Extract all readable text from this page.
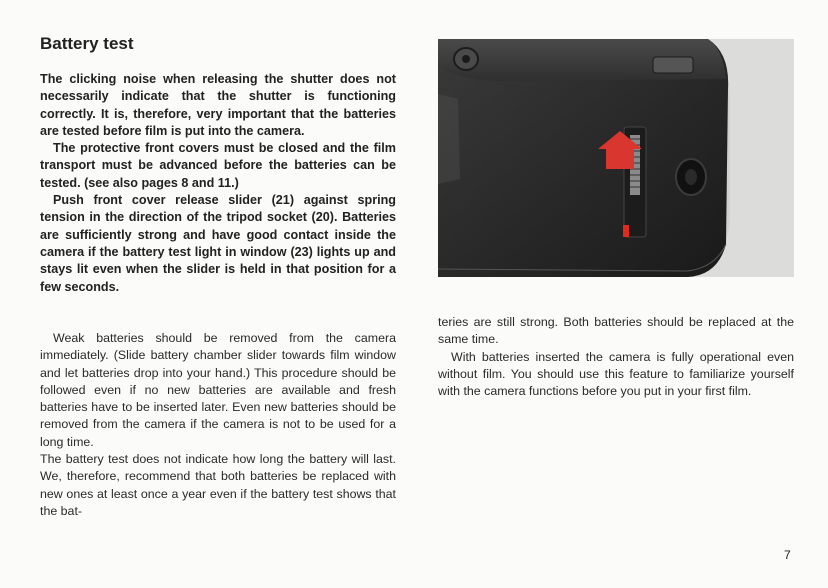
Battery test

The clicking noise when releasing the shutter does not necessarily indicate that the shutter is functioning correctly. It is, therefore, very important that the batteries are tested before film is put into the camera.

The protective front covers must be closed and the film transport must be advanced before the batteries can be tested. (see also pages 8 and 11.)

Push front cover release slider (21) against spring tension in the direction of the tripod socket (20). Batteries are sufficiently strong and have good contact inside the camera if the battery test light in window (23) lights up and stays lit even when the slider is held in that position for a few seconds.

Weak batteries should be removed from the camera immediately. (Slide battery chamber slider towards film window and let batteries drop into your hand.) This procedure should be followed even if no new batteries are available and fresh batteries have to be inserted later. Even new batteries should be removed from the camera if the camera is not to be used for a long time.

The battery test does not indicate how long the battery will last. We, therefore, recommend that both batteries be replaced with new ones at least once a year even if the battery test shows that the bat-

teries are still strong. Both batteries should be replaced at the same time.

With batteries inserted the camera is fully operational even without film. You should use this feature to familiarize yourself with the camera functions before you put in your first film.

7
